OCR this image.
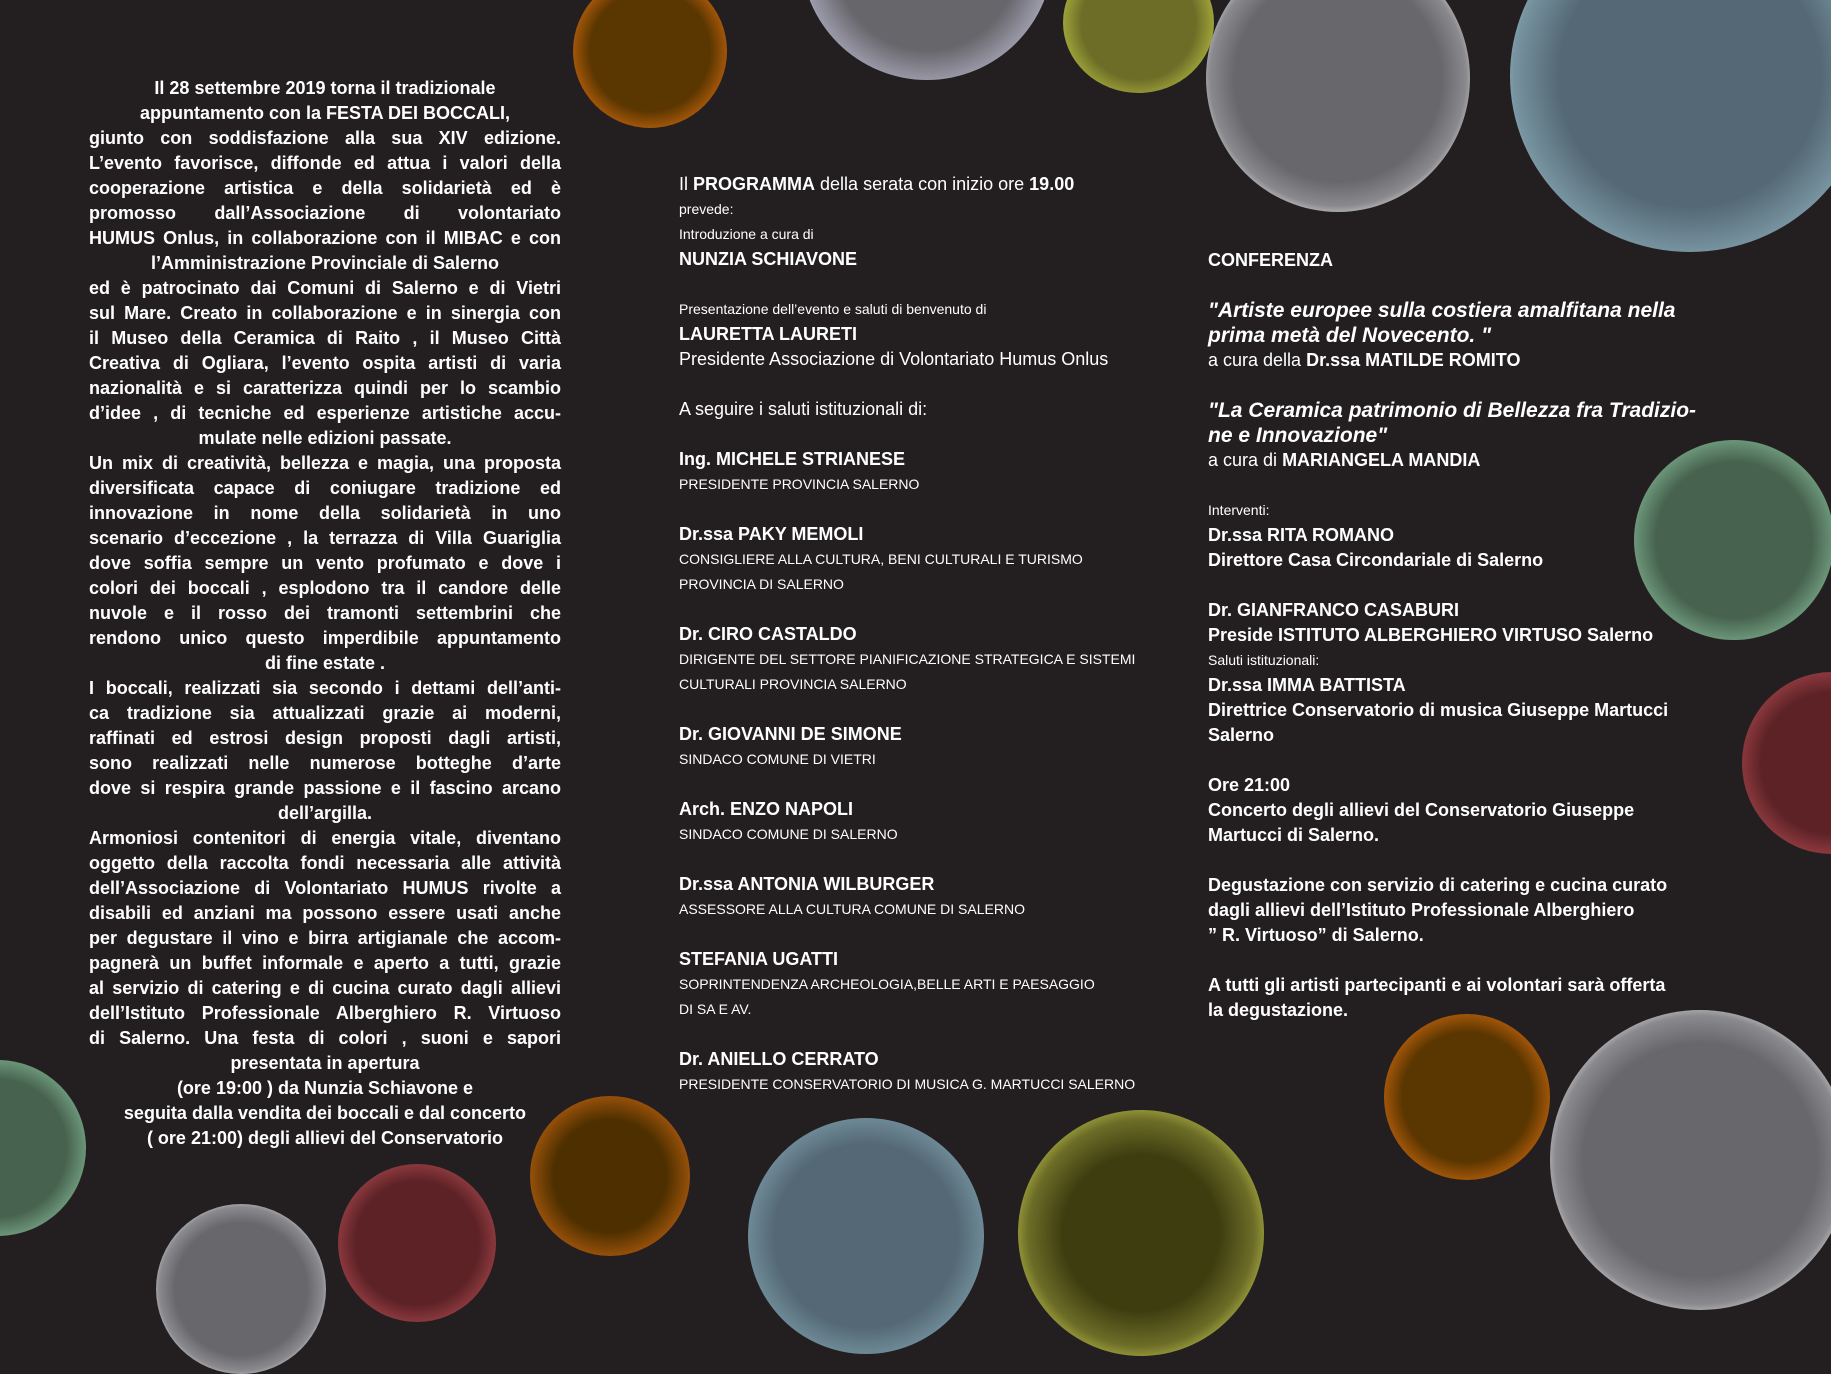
Il 28 settembre 2019 torna il tradizionale

appuntamento con la FESTA DEI BOCCALI,

giunto con soddisfazione alla sua XIV edizione.

L’evento favorisce, diffonde ed attua i valori della

cooperazione artistica e della solidarietà ed è

promosso dall’Associazione di volontariato

HUMUS Onlus, in collaborazione con il MIBAC e con

l’Amministrazione Provinciale di Salerno

ed è patrocinato dai Comuni di Salerno e di Vietri

sul Mare. Creato in collaborazione e in sinergia con

il Museo della Ceramica di Raito , il Museo Città

Creativa di Ogliara, l’evento ospita artisti di varia

nazionalità e si caratterizza quindi per lo scambio

d’idee , di tecniche ed esperienze artistiche accu-

mulate nelle edizioni passate.

Un mix di creatività, bellezza e magia, una proposta

diversificata capace di coniugare tradizione ed

innovazione in nome della solidarietà in uno

scenario d’eccezione , la terrazza di Villa Guariglia

dove soffia sempre un vento profumato e dove i

colori dei boccali , esplodono tra il candore delle

nuvole e il rosso dei tramonti settembrini che

rendono unico questo imperdibile appuntamento

di fine estate .

I boccali, realizzati sia secondo i dettami dell’anti-

ca tradizione sia attualizzati grazie ai moderni,

raffinati ed estrosi design proposti dagli artisti,

sono realizzati nelle numerose botteghe d’arte

dove si respira grande passione e il fascino arcano

dell’argilla.

Armoniosi contenitori di energia vitale, diventano

oggetto della raccolta fondi necessaria alle attività

dell’Associazione di Volontariato HUMUS rivolte a

disabili ed anziani ma possono essere usati anche

per degustare il vino e birra artigianale che accom-

pagnerà un buffet informale e aperto a tutti, grazie

al servizio di catering e di cucina curato dagli allievi

dell’Istituto Professionale Alberghiero R. Virtuoso

di Salerno. Una festa di colori , suoni e sapori

presentata in apertura

(ore 19:00 ) da Nunzia Schiavone e

seguita dalla vendita dei boccali e dal concerto

( ore 21:00) degli allievi del Conservatorio

Il PROGRAMMA della serata con inizio ore 19.00
prevede:
Introduzione a cura di
NUNZIA SCHIAVONE
Presentazione dell’evento e saluti di benvenuto di
LAURETTA LAURETI
Presidente Associazione di Volontariato Humus Onlus
A seguire i saluti istituzionali di:
Ing. MICHELE STRIANESE
PRESIDENTE PROVINCIA SALERNO
Dr.ssa PAKY MEMOLI
CONSIGLIERE ALLA CULTURA, BENI CULTURALI E TURISMO
PROVINCIA DI SALERNO
Dr. CIRO CASTALDO
DIRIGENTE DEL SETTORE PIANIFICAZIONE STRATEGICA E SISTEMI
CULTURALI PROVINCIA SALERNO
Dr. GIOVANNI DE SIMONE
SINDACO COMUNE DI VIETRI
Arch. ENZO NAPOLI
SINDACO COMUNE DI SALERNO
Dr.ssa ANTONIA WILBURGER
ASSESSORE ALLA CULTURA COMUNE DI SALERNO
STEFANIA UGATTI
SOPRINTENDENZA ARCHEOLOGIA,BELLE ARTI E PAESAGGIO
DI SA E AV.
Dr. ANIELLO CERRATO
PRESIDENTE CONSERVATORIO DI MUSICA G. MARTUCCI SALERNO
CONFERENZA
"Artiste europee sulla costiera amalfitana nella
prima metà del Novecento. "
a cura della Dr.ssa MATILDE ROMITO
"La Ceramica patrimonio di Bellezza fra Tradizio-
ne e Innovazione"
a cura di MARIANGELA MANDIA
Interventi:
Dr.ssa RITA ROMANO
Direttore Casa Circondariale di Salerno
Dr. GIANFRANCO CASABURI
Preside ISTITUTO ALBERGHIERO VIRTUSO Salerno
Saluti istituzionali:
Dr.ssa IMMA BATTISTA
Direttrice Conservatorio di musica Giuseppe Martucci
Salerno
Ore 21:00
Concerto degli allievi del Conservatorio Giuseppe
Martucci di Salerno.
Degustazione con servizio di catering e cucina curato
dagli allievi dell’Istituto Professionale Alberghiero
” R. Virtuoso” di Salerno.
A tutti gli artisti partecipanti e ai volontari sarà offerta
la degustazione.
